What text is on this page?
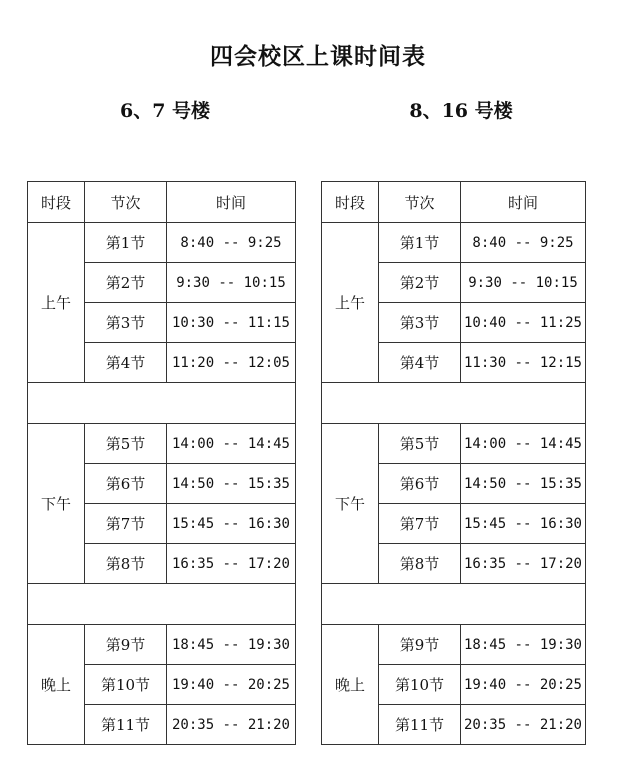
四会校区上课时间表
6、7 号楼	8、16 号楼
时段	节次	时间
上午	第1节	8:40 -- 9:25
	第2节	9:30 -- 10:15
	第3节	10:30 -- 11:15
	第4节	11:20 -- 12:05

下午	第5节	14:00 -- 14:45
	第6节	14:50 -- 15:35
	第7节	15:45 -- 16:30
	第8节	16:35 -- 17:20

晚上	第9节	18:45 -- 19:30
	第10节	19:40 -- 20:25
	第11节	20:35 -- 21:20
时段	节次	时间
上午	第1节	8:40 -- 9:25
	第2节	9:30 -- 10:15
	第3节	10:40 -- 11:25
	第4节	11:30 -- 12:15

下午	第5节	14:00 -- 14:45
	第6节	14:50 -- 15:35
	第7节	15:45 -- 16:30
	第8节	16:35 -- 17:20

晚上	第9节	18:45 -- 19:30
	第10节	19:40 -- 20:25
	第11节	20:35 -- 21:20
